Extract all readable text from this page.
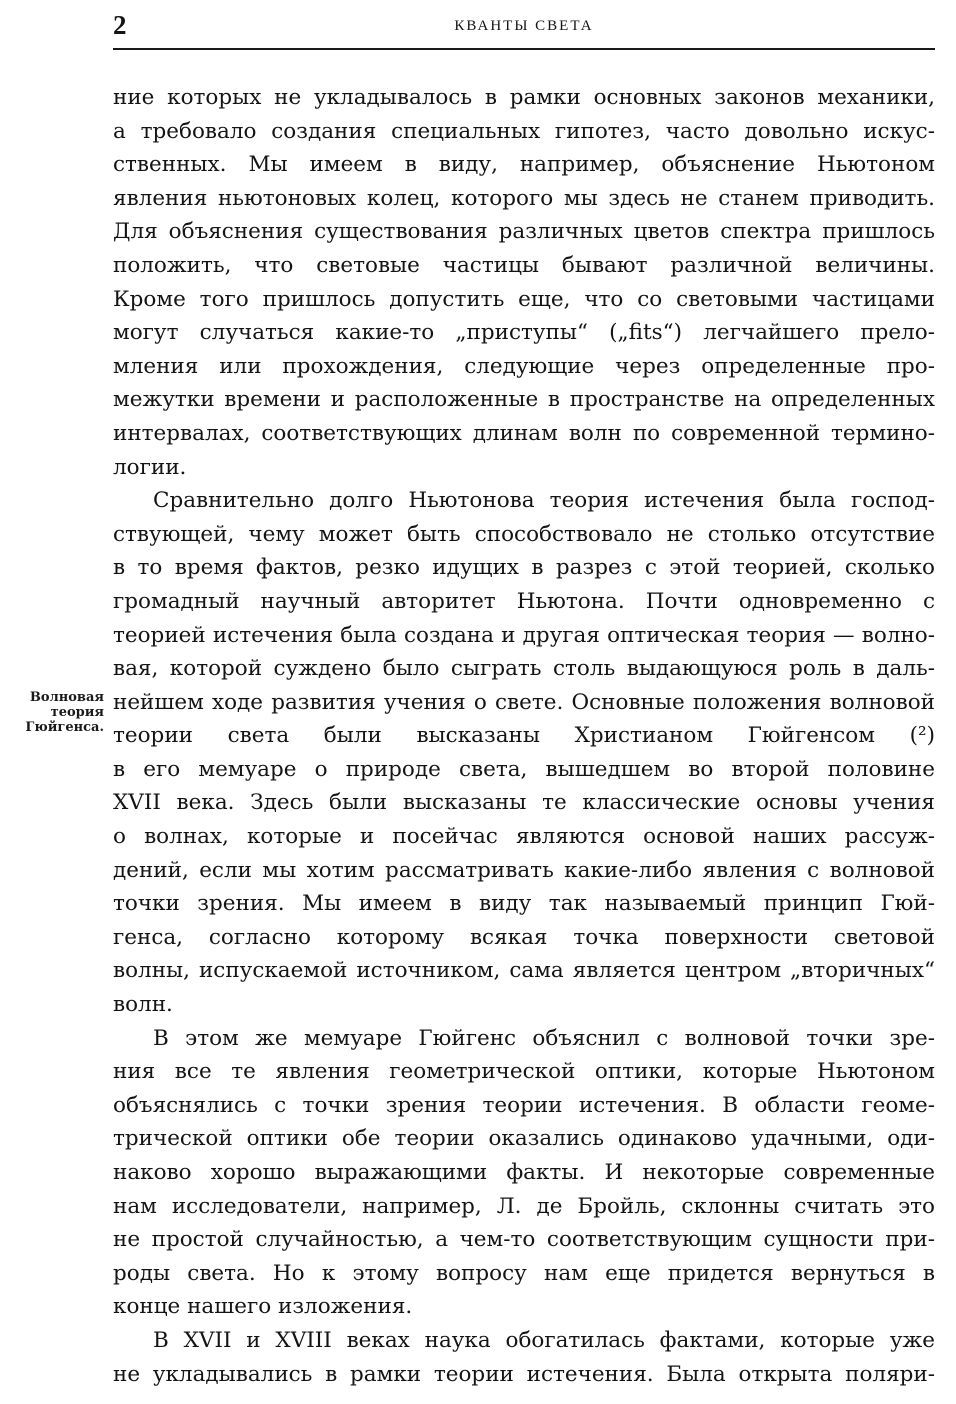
2	КВАНТЫ СВЕТА
Волновая
теория
Гюйгенса.
ние которых не укладывалось в рамки основных законов механики,
а требовало создания специальных гипотез, часто довольно искус-
ственных. Мы имеем в виду, например, объяснение Ньютоном
явления ньютоновых колец, которого мы здесь не станем приводить.
Для объяснения существования различных цветов спектра пришлось
положить, что световые частицы бывают различной величины.
Кроме того пришлось допустить еще, что со световыми частицами
могут случаться какие-то „приступы“ („fits“) легчайшего прело-
мления или прохождения, следующие через определенные про-
межутки времени и расположенные в пространстве на определенных
интервалах, соответствующих длинам волн по современной термино-
логии.
Сравнительно долго Ньютонова теория истечения была господ-
ствующей, чему может быть способствовало не столько отсутствие
в то время фактов, резко идущих в разрез с этой теорией, сколько
громадный научный авторитет Ньютона. Почти одновременно с
теорией истечения была создана и другая оптическая теория — волно-
вая, которой суждено было сыграть столь выдающуюся роль в даль-
нейшем ходе развития учения о свете. Основные положения волновой
теории света были высказаны Христианом Гюйгенсом (²)
в его мемуаре о природе света, вышедшем во второй половине
XVII века. Здесь были высказаны те классические основы учения
о волнах, которые и посейчас являются основой наших рассуж-
дений, если мы хотим рассматривать какие-либо явления с волновой
точки зрения. Мы имеем в виду так называемый принцип Гюй-
генса, согласно которому всякая точка поверхности световой
волны, испускаемой источником, сама является центром „вторичных“
волн.
В этом же мемуаре Гюйгенс объяснил с волновой точки зре-
ния все те явления геометрической оптики, которые Ньютоном
объяснялись с точки зрения теории истечения. В области геоме-
трической оптики обе теории оказались одинаково удачными, оди-
наково хорошо выражающими факты. И некоторые современные
нам исследователи, например, Л. де Бройль, склонны считать это
не простой случайностью, а чем-то соответствующим сущности при-
роды света. Но к этому вопросу нам еще придется вернуться в
конце нашего изложения.
В XVII и XVIII веках наука обогатилась фактами, которые уже
не укладывались в рамки теории истечения. Была открыта поляри-
